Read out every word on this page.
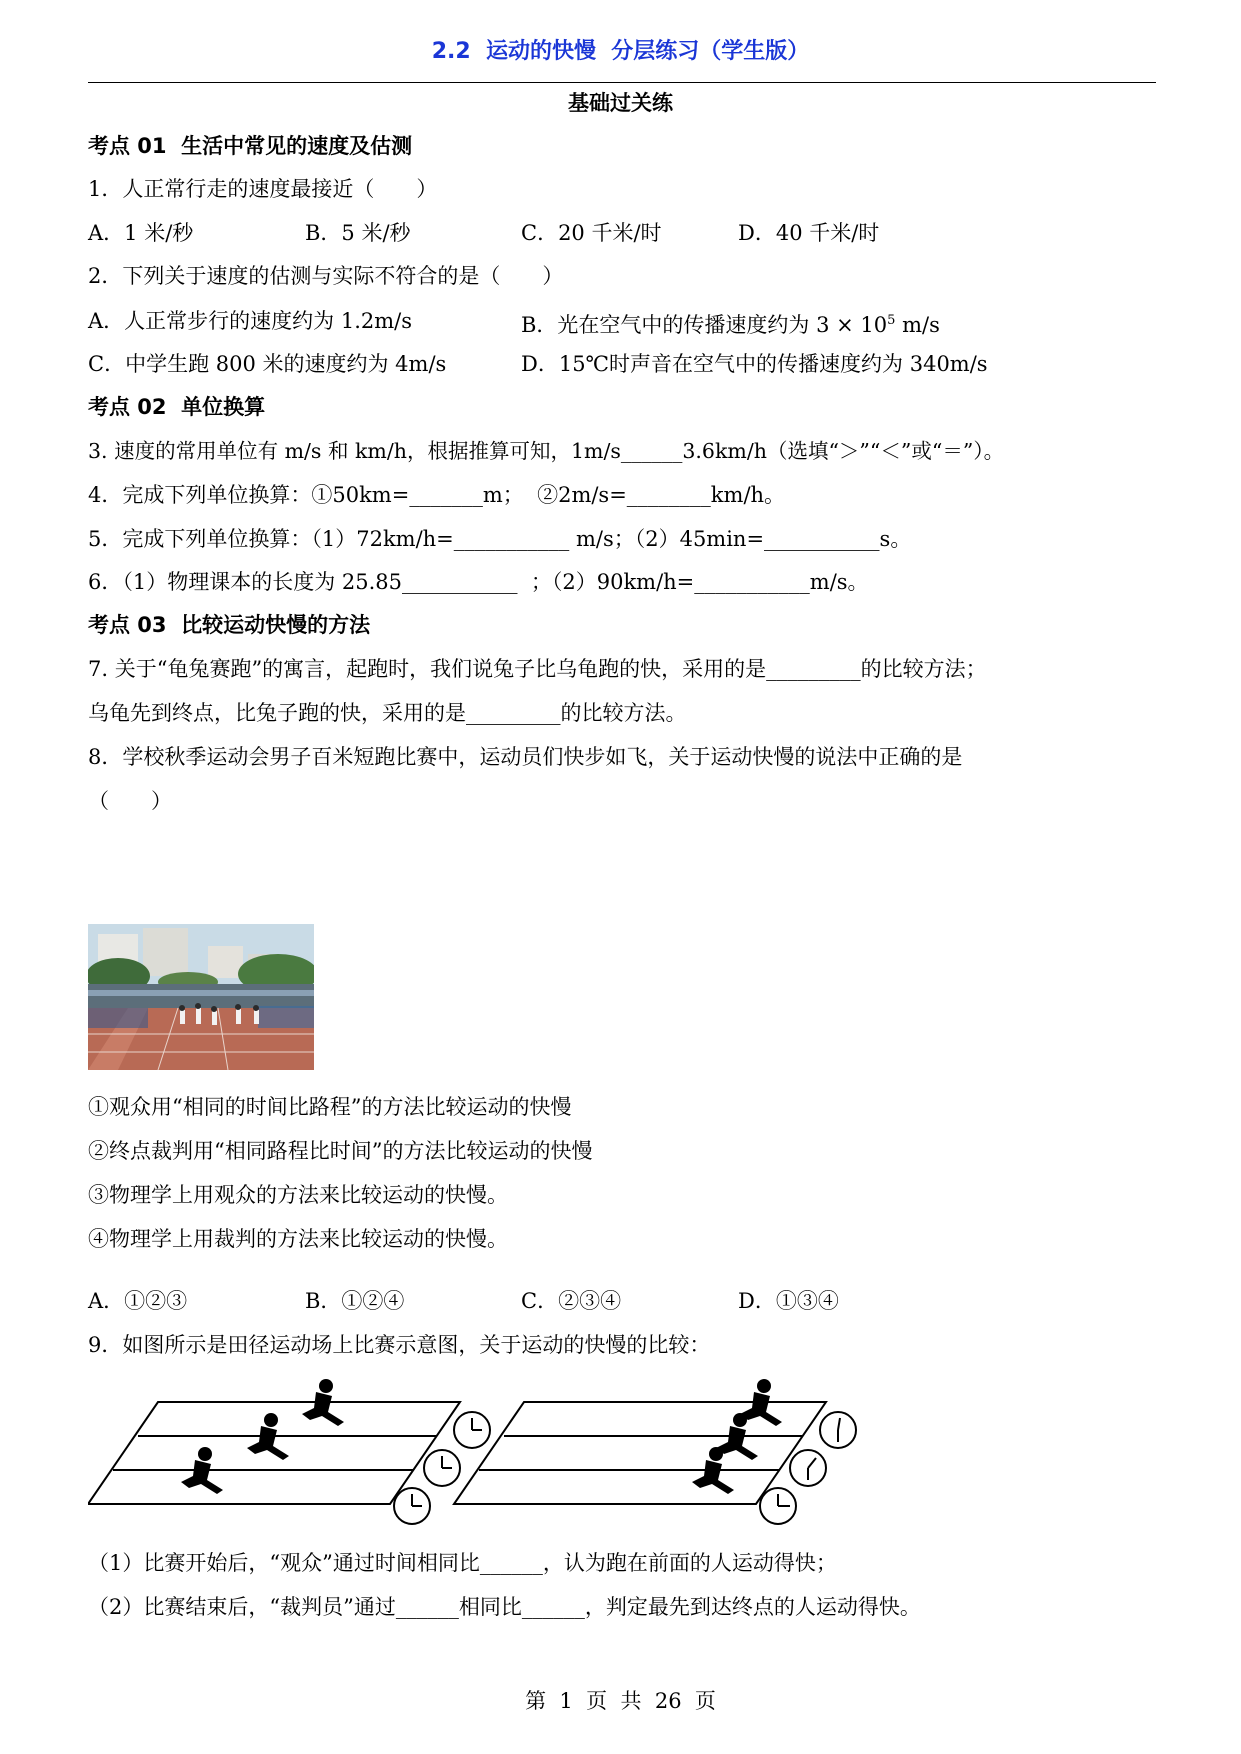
2.2  运动的快慢  分层练习（学生版）
基础过关练
考点 01  生活中常见的速度及估测
1．人正常行走的速度最接近（　　）
A．1 米/秒	B．5 米/秒	C．20 千米/时	D．40 千米/时
2．下列关于速度的估测与实际不符合的是（　　）
A．人正常步行的速度约为 1.2m/s	B．光在空气中的传播速度约为 $3 \times 10^5$ m/s
C．中学生跑 800 米的速度约为 4m/s	D．15℃时声音在空气中的传播速度约为 340m/s
考点 02  单位换算
3. 速度的常用单位有 m/s 和 km/h，根据推算可知，1m/s______3.6km/h（选填“＞”“＜”或“＝”）。
4．完成下列单位换算：①50km=_______m；  ②2m/s=________km/h。
5．完成下列单位换算：（1）72km/h=___________ m/s；（2）45min=___________s。
6．（1）物理课本的长度为 25.85___________  ；（2）90km/h=___________m/s。
考点 03  比较运动快慢的方法
7. 关于“龟兔赛跑”的寓言，起跑时，我们说兔子比乌龟跑的快，采用的是_________的比较方法；
乌龟先到终点，比兔子跑的快，采用的是_________的比较方法。
8．学校秋季运动会男子百米短跑比赛中，运动员们快步如飞，关于运动快慢的说法中正确的是
（　　）
①观众用“相同的时间比路程”的方法比较运动的快慢
②终点裁判用“相同路程比时间”的方法比较运动的快慢
③物理学上用观众的方法来比较运动的快慢。
④物理学上用裁判的方法来比较运动的快慢。
A．①②③	B．①②④	C．②③④	D．①③④
9．如图所示是田径运动场上比赛示意图，关于运动的快慢的比较：
（1）比赛开始后，“观众”通过时间相同比______，认为跑在前面的人运动得快；
（2）比赛结束后，“裁判员”通过______相同比______，判定最先到达终点的人运动得快。
第  1  页  共  26  页
